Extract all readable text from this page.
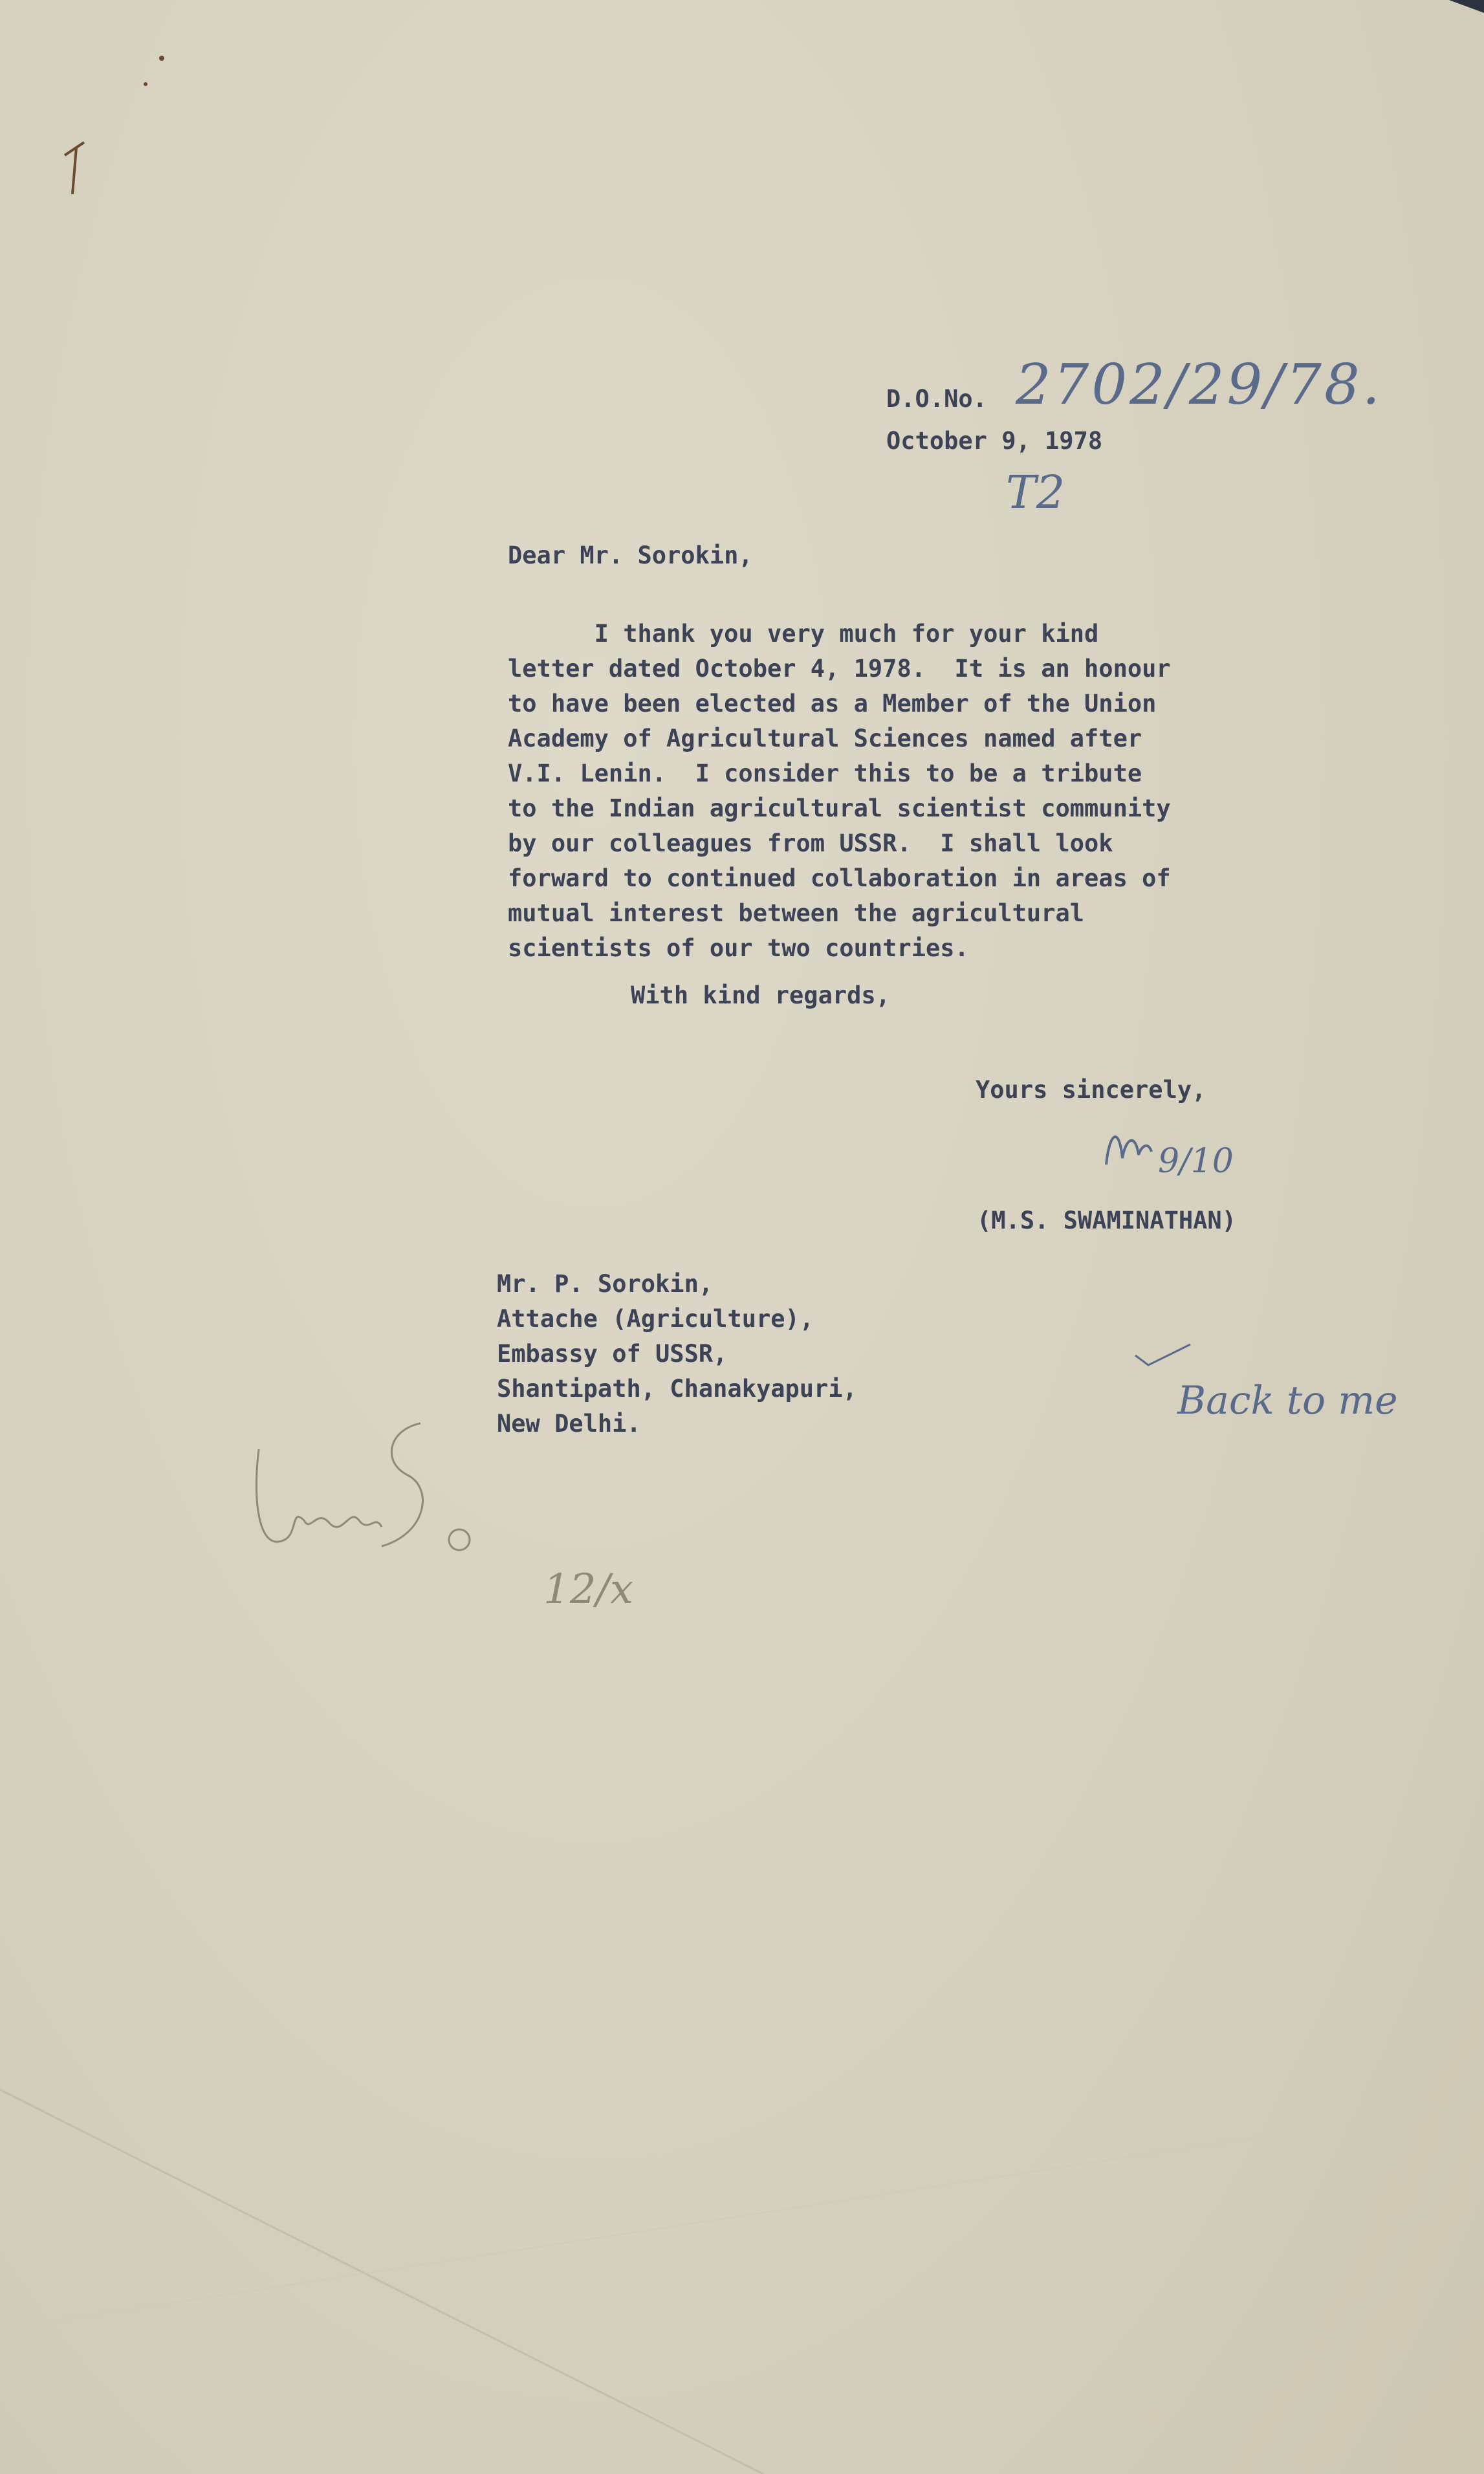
D.O.No. 2702/29/78.
October 9, 1978
T2
Dear Mr. Sorokin,
I thank you very much for your kind
letter dated October 4, 1978.  It is an honour
to have been elected as a Member of the Union
Academy of Agricultural Sciences named after
V.I. Lenin.  I consider this to be a tribute
to the Indian agricultural scientist community
by our colleagues from USSR.  I shall look
forward to continued collaboration in areas of
mutual interest between the agricultural
scientists of our two countries.
With kind regards,
Yours sincerely,
9/10
(M.S. SWAMINATHAN)
Mr. P. Sorokin,
Attache (Agriculture),
Embassy of USSR,
Shantipath, Chanakyapuri,
New Delhi.
Back to me
12/x
